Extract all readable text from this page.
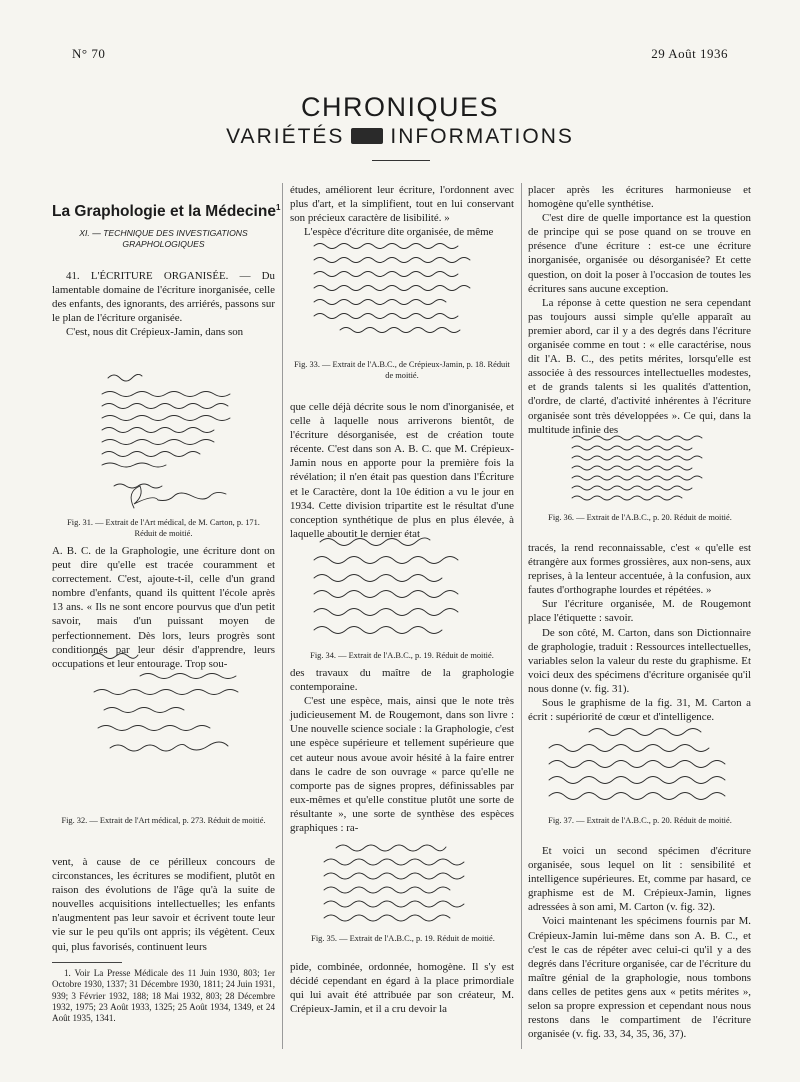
N° 70	29 Août 1936
CHRONIQUES
VARIÉTÉS INFORMATIONS
La Graphologie et la Médecine$^1$
XI. — TECHNIQUE DES INVESTIGATIONS GRAPHOLOGIQUES

41. L'ÉCRITURE ORGANISÉE. — Du lamentable domaine de l'écriture inorganisée, celle des enfants, des ignorants, des arriérés, passons sur le plan de l'écriture organisée.

C'est, nous dit Crépieux-Jamin, dans son

Fig. 31. — Extrait de l'Art médical, de M. Carton, p. 171. Réduit de moitié.

A. B. C. de la Graphologie, une écriture dont on peut dire qu'elle est tracée couramment et correctement. C'est, ajoute-t-il, celle d'un grand nombre d'enfants, quand ils quittent l'école après 13 ans. « Ils ne sont encore pourvus que d'un petit savoir, mais d'un puissant moyen de perfectionnement. Dès lors, leurs progrès sont conditionnés par leur désir d'apprendre, leurs occupations et leur entourage. Trop sou-

Fig. 32. — Extrait de l'Art médical, p. 273. Réduit de moitié.

vent, à cause de ce périlleux concours de circonstances, les écritures se modifient, plutôt en raison des évolutions de l'âge qu'à la suite de nouvelles acquisitions intellectuelles; les enfants n'augmentent pas leur savoir et écrivent toute leur vie sur le peu qu'ils ont appris; ils végètent. Ceux qui, plus favorisés, continuent leurs

1. Voir La Presse Médicale des 11 Juin 1930, 803; 1er Octobre 1930, 1337; 31 Décembre 1930, 1811; 24 Juin 1931, 939; 3 Février 1932, 188; 18 Mai 1932, 803; 28 Décembre 1932, 1975; 23 Août 1933, 1325; 25 Août 1934, 1349, et 24 Août 1935, 1341.

études, améliorent leur écriture, l'ordonnent avec plus d'art, et la simplifient, tout en lui conservant son précieux caractère de lisibilité. »

L'espèce d'écriture dite organisée, de même

Fig. 33. — Extrait de l'A.B.C., de Crépieux-Jamin, p. 18. Réduit de moitié.

que celle déjà décrite sous le nom d'inorganisée, et celle à laquelle nous arriverons bientôt, de l'écriture désorganisée, est de création toute récente. C'est dans son A. B. C. que M. Crépieux-Jamin nous en apporte pour la première fois la révélation; il n'en était pas question dans l'Écriture et le Caractère, dont la 10e édition a vu le jour en 1934. Cette division tripartite est le résultat d'une conception synthétique de plus en plus élevée, à laquelle aboutit le dernier état

Fig. 34. — Extrait de l'A.B.C., p. 19. Réduit de moitié.

des travaux du maître de la graphologie contemporaine.

C'est une espèce, mais, ainsi que le note très judicieusement M. de Rougemont, dans son livre : Une nouvelle science sociale : la Graphologie, c'est une espèce supérieure et tellement supérieure que cet auteur nous avoue avoir hésité à la faire entrer dans le cadre de son ouvrage « parce qu'elle ne comporte pas de signes propres, définissables par eux-mêmes et qu'elle constitue plutôt une sorte de résultante », une sorte de synthèse des espèces graphiques : ra-

Fig. 35. — Extrait de l'A.B.C., p. 19. Réduit de moitié.

pide, combinée, ordonnée, homogène. Il s'y est décidé cependant en égard à la place primordiale qui lui avait été attribuée par son créateur, M. Crépieux-Jamin, et il a cru devoir la

placer après les écritures harmonieuse et homogène qu'elle synthétise.

C'est dire de quelle importance est la question de principe qui se pose quand on se trouve en présence d'une écriture : est-ce une écriture inorganisée, organisée ou désorganisée? Et cette question, on doit la poser à l'occasion de toutes les écritures sans aucune exception.

La réponse à cette question ne sera cependant pas toujours aussi simple qu'elle apparaît au premier abord, car il y a des degrés dans l'écriture organisée comme en tout : « elle caractérise, nous dit l'A. B. C., des petits mérites, lorsqu'elle est associée à des ressources intellectuelles modestes, et de grands talents si les qualités d'attention, d'ordre, de clarté, d'activité inhérentes à l'écriture organisée sont très développées ». Ce qui, dans la multitude infinie des

Fig. 36. — Extrait de l'A.B.C., p. 20. Réduit de moitié.

tracés, la rend reconnaissable, c'est « qu'elle est étrangère aux formes grossières, aux non-sens, aux reprises, à la lenteur accentuée, à la confusion, aux fautes d'orthographe lourdes et répétées. »

Sur l'écriture organisée, M. de Rougemont place l'étiquette : savoir.

De son côté, M. Carton, dans son Dictionnaire de graphologie, traduit : Ressources intellectuelles, variables selon la valeur du reste du graphisme. Et voici deux des spécimens d'écriture organisée qu'il nous donne (v. fig. 31).

Sous le graphisme de la fig. 31, M. Carton a écrit : supériorité de cœur et d'intelligence.

Fig. 37. — Extrait de l'A.B.C., p. 20. Réduit de moitié.

Et voici un second spécimen d'écriture organisée, sous lequel on lit : sensibilité et intelligence supérieures. Et, comme par hasard, ce graphisme est de M. Crépieux-Jamin, lignes adressées à son ami, M. Carton (v. fig. 32).

Voici maintenant les spécimens fournis par M. Crépieux-Jamin lui-même dans son A. B. C., et c'est le cas de répéter avec celui-ci qu'il y a des degrés dans l'écriture organisée, car de l'écriture du maître génial de la graphologie, nous tombons dans celles de petites gens aux « petits mérites », selon sa propre expression et cependant nous nous restons dans le compartiment de l'écriture organisée (v. fig. 33, 34, 35, 36, 37).
